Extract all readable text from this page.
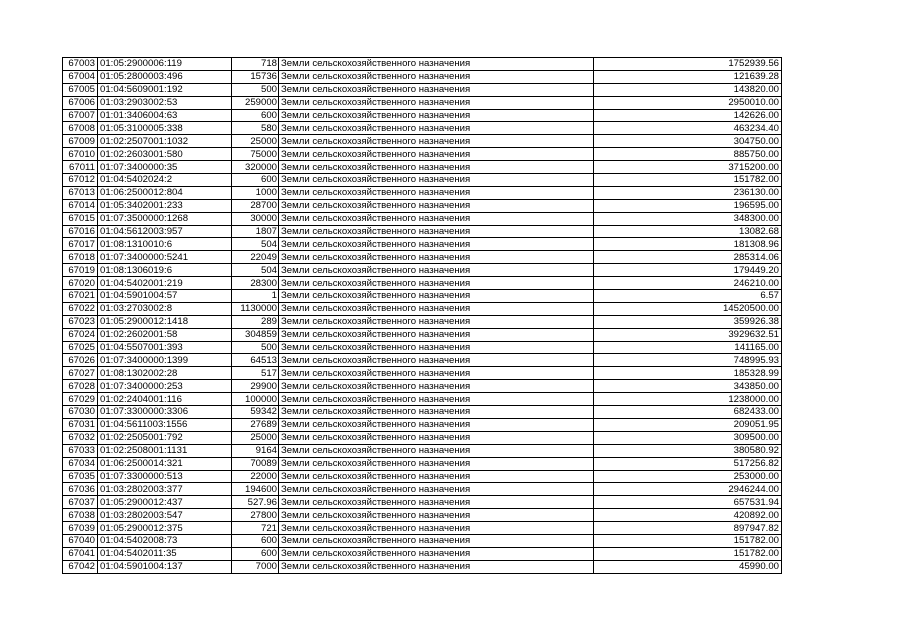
67003	01:05:2900006:119	718	Земли сельскохозяйственного назначения	1752939.56
67004	01:05:2800003:496	15736	Земли сельскохозяйственного назначения	121639.28
67005	01:04:5609001:192	500	Земли сельскохозяйственного назначения	143820.00
67006	01:03:2903002:53	259000	Земли сельскохозяйственного назначения	2950010.00
67007	01:01:3406004:63	600	Земли сельскохозяйственного назначения	142626.00
67008	01:05:3100005:338	580	Земли сельскохозяйственного назначения	463234.40
67009	01:02:2507001:1032	25000	Земли сельскохозяйственного назначения	304750.00
67010	01:02:2603001:580	75000	Земли сельскохозяйственного назначения	885750.00
67011	01:07:3400000:35	320000	Земли сельскохозяйственного назначения	3715200.00
67012	01:04:5402024:2	600	Земли сельскохозяйственного назначения	151782.00
67013	01:06:2500012:804	1000	Земли сельскохозяйственного назначения	236130.00
67014	01:05:3402001:233	28700	Земли сельскохозяйственного назначения	196595.00
67015	01:07:3500000:1268	30000	Земли сельскохозяйственного назначения	348300.00
67016	01:04:5612003:957	1807	Земли сельскохозяйственного назначения	13082.68
67017	01:08:1310010:6	504	Земли сельскохозяйственного назначения	181308.96
67018	01:07:3400000:5241	22049	Земли сельскохозяйственного назначения	285314.06
67019	01:08:1306019:6	504	Земли сельскохозяйственного назначения	179449.20
67020	01:04:5402001:219	28300	Земли сельскохозяйственного назначения	246210.00
67021	01:04:5901004:57	1	Земли сельскохозяйственного назначения	6.57
67022	01:03:2703002:8	1130000	Земли сельскохозяйственного назначения	14520500.00
67023	01:05:2900012:1418	289	Земли сельскохозяйственного назначения	359926.38
67024	01:02:2602001:58	304859	Земли сельскохозяйственного назначения	3929632.51
67025	01:04:5507001:393	500	Земли сельскохозяйственного назначения	141165.00
67026	01:07:3400000:1399	64513	Земли сельскохозяйственного назначения	748995.93
67027	01:08:1302002:28	517	Земли сельскохозяйственного назначения	185328.99
67028	01:07:3400000:253	29900	Земли сельскохозяйственного назначения	343850.00
67029	01:02:2404001:116	100000	Земли сельскохозяйственного назначения	1238000.00
67030	01:07:3300000:3306	59342	Земли сельскохозяйственного назначения	682433.00
67031	01:04:5611003:1556	27689	Земли сельскохозяйственного назначения	209051.95
67032	01:02:2505001:792	25000	Земли сельскохозяйственного назначения	309500.00
67033	01:02:2508001:1131	9164	Земли сельскохозяйственного назначения	380580.92
67034	01:06:2500014:321	70089	Земли сельскохозяйственного назначения	517256.82
67035	01:07:3300000:513	22000	Земли сельскохозяйственного назначения	253000.00
67036	01:03:2802003:377	194600	Земли сельскохозяйственного назначения	2946244.00
67037	01:05:2900012:437	527.96	Земли сельскохозяйственного назначения	657531.94
67038	01:03:2802003:547	27800	Земли сельскохозяйственного назначения	420892.00
67039	01:05:2900012:375	721	Земли сельскохозяйственного назначения	897947.82
67040	01:04:5402008:73	600	Земли сельскохозяйственного назначения	151782.00
67041	01:04:5402011:35	600	Земли сельскохозяйственного назначения	151782.00
67042	01:04:5901004:137	7000	Земли сельскохозяйственного назначения	45990.00
